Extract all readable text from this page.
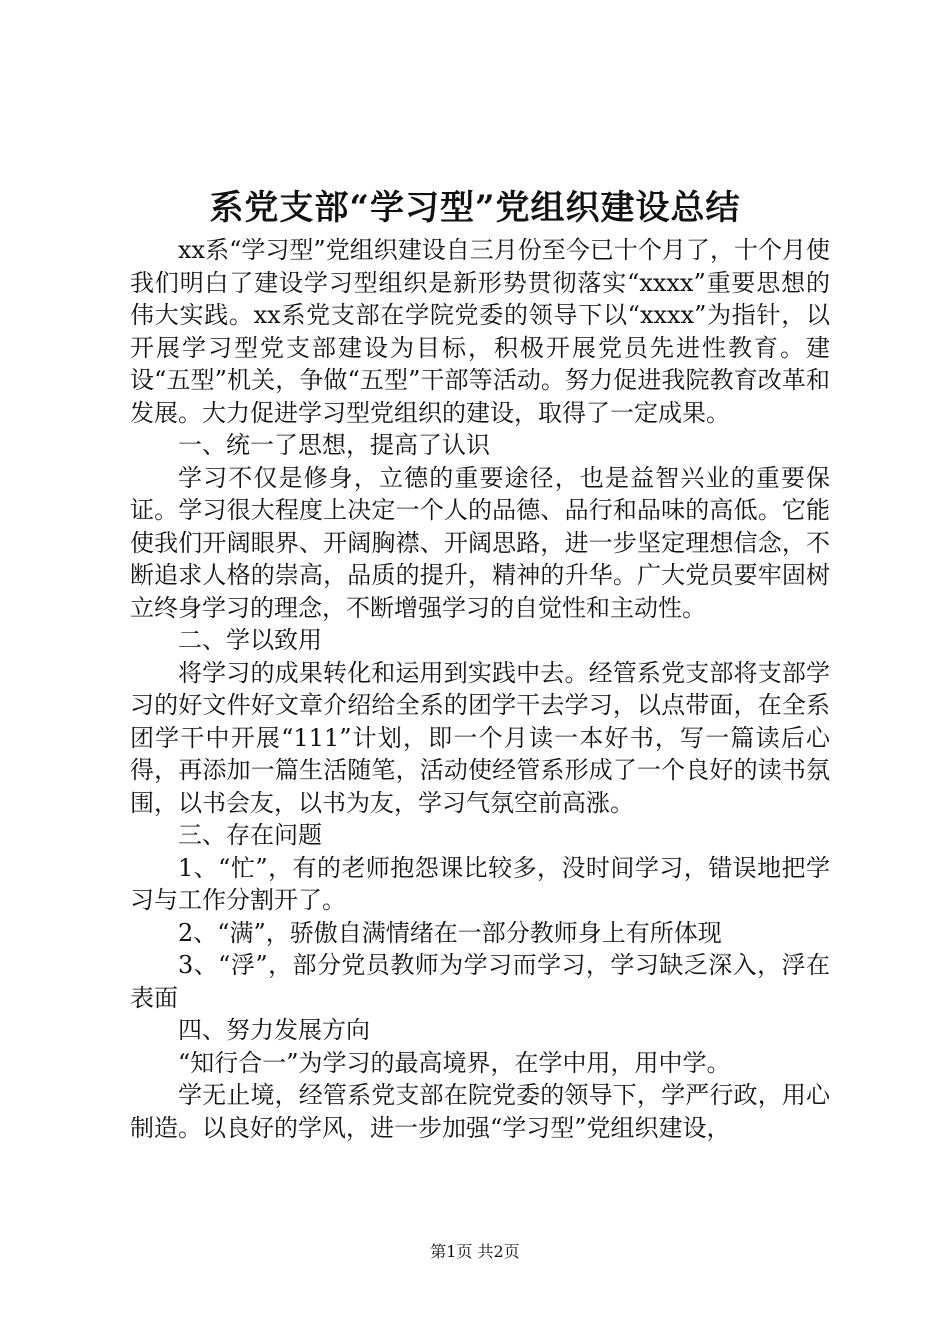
系党支部“学习型”党组织建设总结

xx系“学习型”党组织建设自三月份至今已十个月了，十个月使我们明白了建设学习型组织是新形势贯彻落实“xxxx”重要思想的伟大实践。xx系党支部在学院党委的领导下以“xxxx”为指针，以开展学习型党支部建设为目标，积极开展党员先进性教育。建设“五型”机关，争做“五型”干部等活动。努力促进我院教育改革和发展。大力促进学习型党组织的建设，取得了一定成果。

一、统一了思想，提高了认识

学习不仅是修身，立德的重要途径，也是益智兴业的重要保证。学习很大程度上决定一个人的品德、品行和品味的高低。它能使我们开阔眼界、开阔胸襟、开阔思路，进一步坚定理想信念，不断追求人格的崇高，品质的提升，精神的升华。广大党员要牢固树立终身学习的理念，不断增强学习的自觉性和主动性。

二、学以致用

将学习的成果转化和运用到实践中去。经管系党支部将支部学习的好文件好文章介绍给全系的团学干去学习，以点带面，在全系团学干中开展“111”计划，即一个月读一本好书，写一篇读后心得，再添加一篇生活随笔，活动使经管系形成了一个良好的读书氛围，以书会友，以书为友，学习气氛空前高涨。

三、存在问题

1、“忙”，有的老师抱怨课比较多，没时间学习，错误地把学习与工作分割开了。

2、“满”，骄傲自满情绪在一部分教师身上有所体现

3、“浮”，部分党员教师为学习而学习，学习缺乏深入，浮在表面

四、努力发展方向

“知行合一”为学习的最高境界，在学中用，用中学。

学无止境，经管系党支部在院党委的领导下，学严行政，用心制造。以良好的学风，进一步加强“学习型”党组织建设，

第1页 共2页
